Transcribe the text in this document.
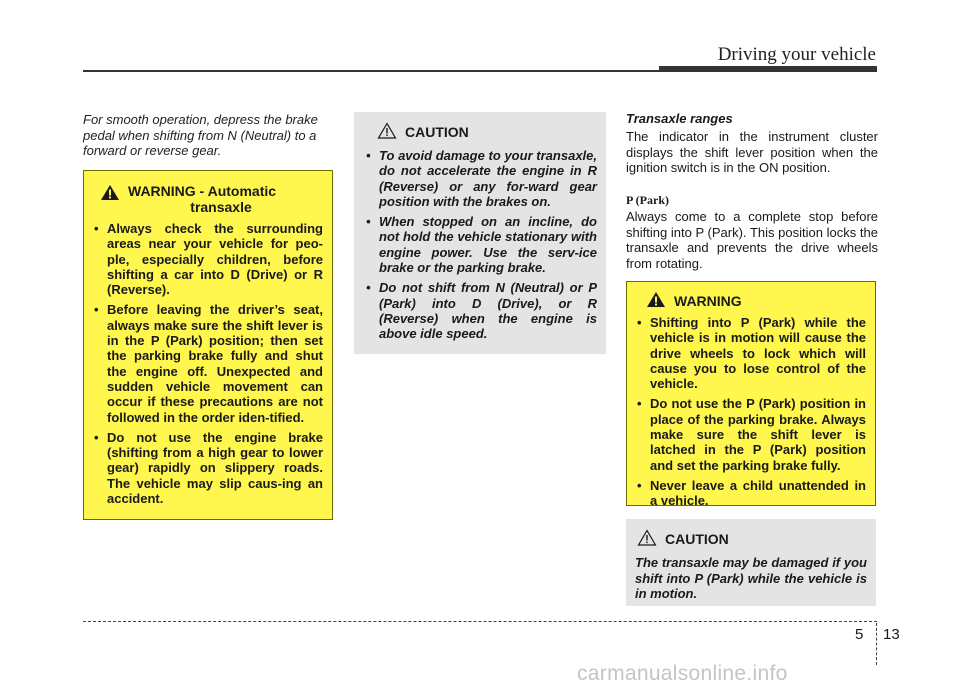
Driving your vehicle
For smooth operation, depress the brake pedal when shifting from N (Neutral) to a forward or reverse gear.
WARNING - Automatic
transaxle
• Always check the surrounding areas near your vehicle for peo-ple, especially children, before shifting a car into D (Drive) or R (Reverse).
• Before leaving the driver’s seat, always make sure the shift lever is in the P (Park) position; then set the parking brake fully and shut the engine off. Unexpected and sudden vehicle movement can occur if these precautions are not followed in the order iden-tified.
• Do not use the engine brake (shifting from a high gear to lower gear) rapidly on slippery roads. The vehicle may slip caus-ing an accident.
CAUTION
• To avoid damage to your transaxle, do not accelerate the engine in R (Reverse) or any for-ward gear position with the brakes on.
• When stopped on an incline, do not hold the vehicle stationary with engine power. Use the serv-ice brake or the parking brake.
• Do not shift from N (Neutral) or P (Park) into D (Drive), or R (Reverse) when the engine is above idle speed.
Transaxle ranges
The indicator in the instrument cluster displays the shift lever position when the ignition switch is in the ON position.
P (Park)
Always come to a complete stop before shifting into P (Park). This position locks the transaxle and prevents the drive wheels from rotating.
WARNING
• Shifting into P (Park) while the vehicle is in motion will cause the drive wheels to lock which will cause you to lose control of the vehicle.
• Do not use the P (Park) position in place of the parking brake. Always make sure the shift lever is latched in the P (Park) position and set the parking brake fully.
• Never leave a child unattended in a vehicle.
CAUTION
The transaxle may be damaged if you shift into P (Park) while the vehicle is in motion.
5 13
carmanualsonline.info
